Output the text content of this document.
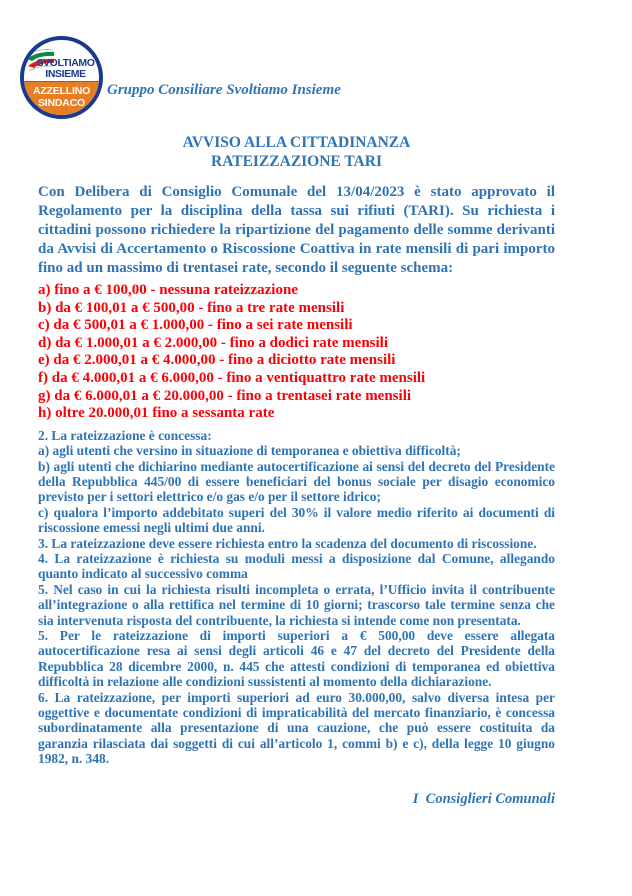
SVOLTIAMO
INSIEME
AZZELLINO
SINDACO
Gruppo Consiliare Svoltiamo Insieme
AVVISO ALLA CITTADINANZA
RATEIZZAZIONE TARI

Con Delibera di Consiglio Comunale del 13/04/2023 è stato approvato il Regolamento per la disciplina della tassa sui rifiuti (TARI). Su richiesta i cittadini possono richiedere la ripartizione del pagamento delle somme derivanti da Avvisi di Accertamento o Riscossione Coattiva in rate mensili di pari importo fino ad un massimo di trentasei rate, secondo il seguente schema:

a) fino a € 100,00 - nessuna rateizzazione
b) da € 100,01 a € 500,00 - fino a tre rate mensili
c) da € 500,01 a € 1.000,00 - fino a sei rate mensili
d) da € 1.000,01 a € 2.000,00 - fino a dodici rate mensili
e) da € 2.000,01 a € 4.000,00 - fino a diciotto rate mensili
f) da € 4.000,01 a € 6.000,00 - fino a ventiquattro rate mensili
g) da € 6.000,01 a € 20.000,00 - fino a trentasei rate mensili
h) oltre 20.000,01 fino a sessanta rate

2. La rateizzazione è concessa:

a) agli utenti che versino in situazione di temporanea e obiettiva difficoltà;

b) agli utenti che dichiarino mediante autocertificazione ai sensi del decreto del Presidente della Repubblica 445/00 di essere beneficiari del bonus sociale per disagio economico previsto per i settori elettrico e/o gas e/o per il settore idrico;

c) qualora l’importo addebitato superi del 30% il valore medio riferito ai documenti di riscossione emessi negli ultimi due anni.

3. La rateizzazione deve essere richiesta entro la scadenza del documento di riscossione.

4. La rateizzazione è richiesta su moduli messi a disposizione dal Comune, allegando quanto indicato al successivo comma

5. Nel caso in cui la richiesta risulti incompleta o errata, l’Ufficio invita il contribuente all’integrazione o alla rettifica nel termine di 10 giorni; trascorso tale termine senza che sia intervenuta risposta del contribuente, la richiesta si intende come non presentata.

5. Per le rateizzazione di importi superiori a € 500,00 deve essere allegata autocertificazione resa ai sensi degli articoli 46 e 47 del decreto del Presidente della Repubblica 28 dicembre 2000, n. 445 che attesti condizioni di temporanea ed obiettiva difficoltà in relazione alle condizioni sussistenti al momento della dichiarazione.

6. La rateizzazione, per importi superiori ad euro 30.000,00, salvo diversa intesa per oggettive e documentate condizioni di impraticabilità del mercato finanziario, è concessa subordinatamente alla presentazione di una cauzione, che può essere costituita da garanzia rilasciata dai soggetti di cui all’articolo 1, commi b) e c), della legge 10 giugno 1982, n. 348.

I  Consiglieri Comunali
